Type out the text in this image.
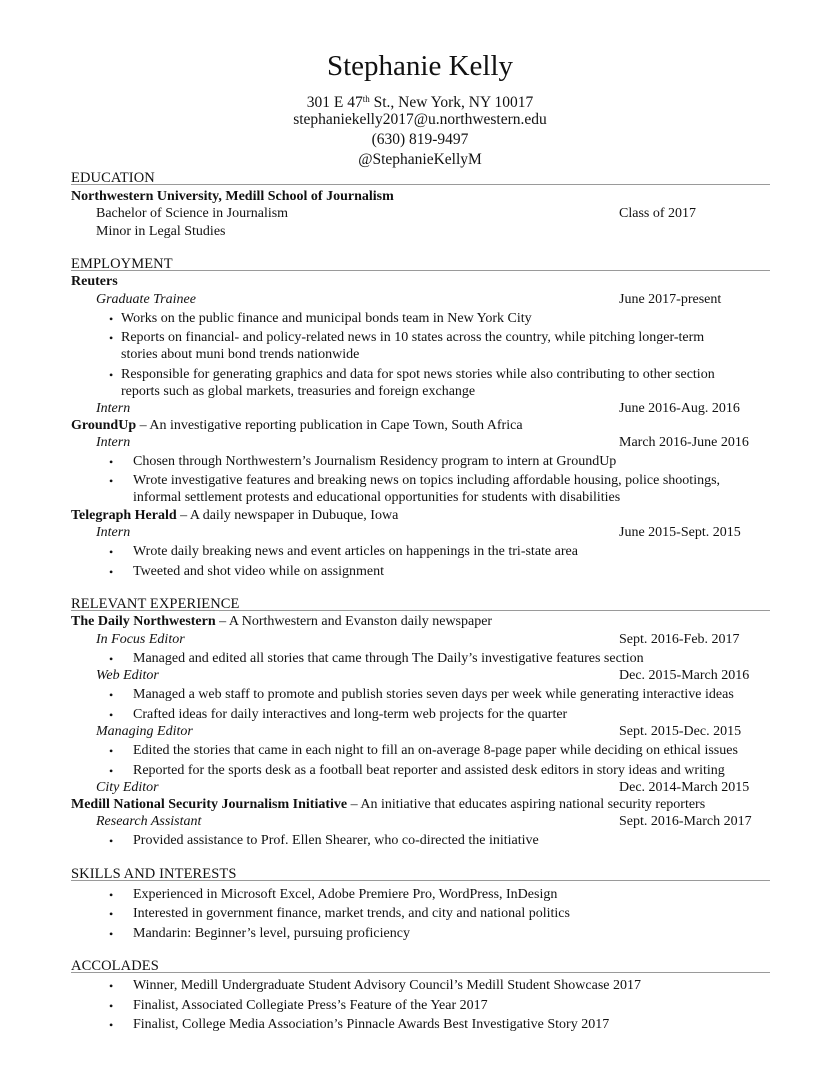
Stephanie Kelly
301 E 47th St., New York, NY 10017
stephaniekelly2017@u.northwestern.edu
(630) 819-9497
@StephanieKellyM
EDUCATION
Northwestern University, Medill School of Journalism
Bachelor of Science in Journalism	Class of 2017
Minor in Legal Studies
EMPLOYMENT
Reuters
Graduate Trainee	June 2017-present
• Works on the public finance and municipal bonds team in New York City
• Reports on financial- and policy-related news in 10 states across the country, while pitching longer-term
stories about muni bond trends nationwide
• Responsible for generating graphics and data for spot news stories while also contributing to other section
reports such as global markets, treasuries and foreign exchange
Intern	June 2016-Aug. 2016
GroundUp – An investigative reporting publication in Cape Town, South Africa
Intern	March 2016-June 2016
• Chosen through Northwestern’s Journalism Residency program to intern at GroundUp
• Wrote investigative features and breaking news on topics including affordable housing, police shootings,
informal settlement protests and educational opportunities for students with disabilities
Telegraph Herald – A daily newspaper in Dubuque, Iowa
Intern	June 2015-Sept. 2015
• Wrote daily breaking news and event articles on happenings in the tri-state area
• Tweeted and shot video while on assignment
RELEVANT EXPERIENCE
The Daily Northwestern – A Northwestern and Evanston daily newspaper
In Focus Editor	Sept. 2016-Feb. 2017
• Managed and edited all stories that came through The Daily’s investigative features section
Web Editor	Dec. 2015-March 2016
• Managed a web staff to promote and publish stories seven days per week while generating interactive ideas
• Crafted ideas for daily interactives and long-term web projects for the quarter
Managing Editor	Sept. 2015-Dec. 2015
• Edited the stories that came in each night to fill an on-average 8-page paper while deciding on ethical issues
• Reported for the sports desk as a football beat reporter and assisted desk editors in story ideas and writing
City Editor	Dec. 2014-March 2015
Medill National Security Journalism Initiative – An initiative that educates aspiring national security reporters
Research Assistant	Sept. 2016-March 2017
• Provided assistance to Prof. Ellen Shearer, who co-directed the initiative
SKILLS AND INTERESTS
• Experienced in Microsoft Excel, Adobe Premiere Pro, WordPress, InDesign
• Interested in government finance, market trends, and city and national politics
• Mandarin: Beginner’s level, pursuing proficiency
ACCOLADES
• Winner, Medill Undergraduate Student Advisory Council’s Medill Student Showcase 2017
• Finalist, Associated Collegiate Press’s Feature of the Year 2017
• Finalist, College Media Association’s Pinnacle Awards Best Investigative Story 2017
